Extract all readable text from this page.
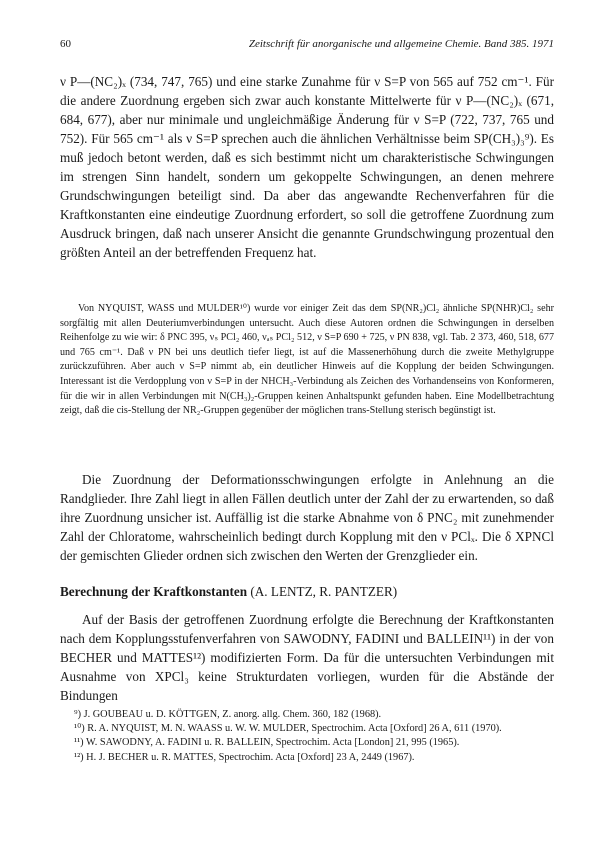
60	Zeitschrift für anorganische und allgemeine Chemie. Band 385. 1971

ν P—(NC₂)ₓ (734, 747, 765) und eine starke Zunahme für ν S=P von 565 auf 752 cm⁻¹. Für die andere Zuordnung ergeben sich zwar auch konstante Mittelwerte für ν P—(NC₂)ₓ (671, 684, 677), aber nur minimale und ungleichmäßige Änderung für ν S=P (722, 737, 765 und 752). Für 565 cm⁻¹ als ν S=P sprechen auch die ähnlichen Verhältnisse beim SP(CH₃)₃⁹). Es muß jedoch betont werden, daß es sich bestimmt nicht um charakteristische Schwingungen im strengen Sinn handelt, sondern um gekoppelte Schwingungen, an denen mehrere Grundschwingungen beteiligt sind. Da aber das angewandte Rechenverfahren für die Kraftkonstanten eine eindeutige Zuordnung erfordert, so soll die getroffene Zuordnung zum Ausdruck bringen, daß nach unserer Ansicht die genannte Grundschwingung prozentual den größten Anteil an der betreffenden Frequenz hat.

Von NYQUIST, WASS und MULDER¹⁰) wurde vor einiger Zeit das dem SP(NR₂)Cl₂ ähnliche SP(NHR)Cl₂ sehr sorgfältig mit allen Deuteriumverbindungen untersucht. Auch diese Autoren ordnen die Schwingungen in derselben Reihenfolge zu wie wir: δ PNC 395, νₛ PCl₂ 460, νₐₛ PCl₂ 512, ν S=P 690 + 725, ν PN 838, vgl. Tab. 2 373, 460, 518, 677 und 765 cm⁻¹. Daß ν PN bei uns deutlich tiefer liegt, ist auf die Massenerhöhung durch die zweite Methylgruppe zurückzuführen. Aber auch ν S=P nimmt ab, ein deutlicher Hinweis auf die Kopplung der beiden Schwingungen. Interessant ist die Verdopplung von ν S=P in der NHCH₃-Verbindung als Zeichen des Vorhandenseins von Konformeren, für die wir in allen Verbindungen mit N(CH₃)₂-Gruppen keinen Anhaltspunkt gefunden haben. Eine Modellbetrachtung zeigt, daß die cis-Stellung der NR₂-Gruppen gegenüber der möglichen trans-Stellung sterisch begünstigt ist.

Die Zuordnung der Deformationsschwingungen erfolgte in Anlehnung an die Randglieder. Ihre Zahl liegt in allen Fällen deutlich unter der Zahl der zu erwartenden, so daß ihre Zuordnung unsicher ist. Auffällig ist die starke Abnahme von δ PNC₂ mit zunehmender Zahl der Chloratome, wahrscheinlich bedingt durch Kopplung mit den ν PClₓ. Die δ XPNCl der gemischten Glieder ordnen sich zwischen den Werten der Grenzglieder ein.

Berechnung der Kraftkonstanten (A. LENTZ, R. PANTZER)

Auf der Basis der getroffenen Zuordnung erfolgte die Berechnung der Kraftkonstanten nach dem Kopplungsstufenverfahren von SAWODNY, FADINI und BALLEIN¹¹) in der von BECHER und MATTES¹²) modifizierten Form. Da für die untersuchten Verbindungen mit Ausnahme von XPCl₃ keine Strukturdaten vorliegen, wurden für die Abstände der Bindungen

⁹) J. GOUBEAU u. D. KÖTTGEN, Z. anorg. allg. Chem. 360, 182 (1968).

¹⁰) R. A. NYQUIST, M. N. WAASS u. W. W. MULDER, Spectrochim. Acta [Oxford] 26 A, 611 (1970).

¹¹) W. SAWODNY, A. FADINI u. R. BALLEIN, Spectrochim. Acta [London] 21, 995 (1965).

¹²) H. J. BECHER u. R. MATTES, Spectrochim. Acta [Oxford] 23 A, 2449 (1967).
